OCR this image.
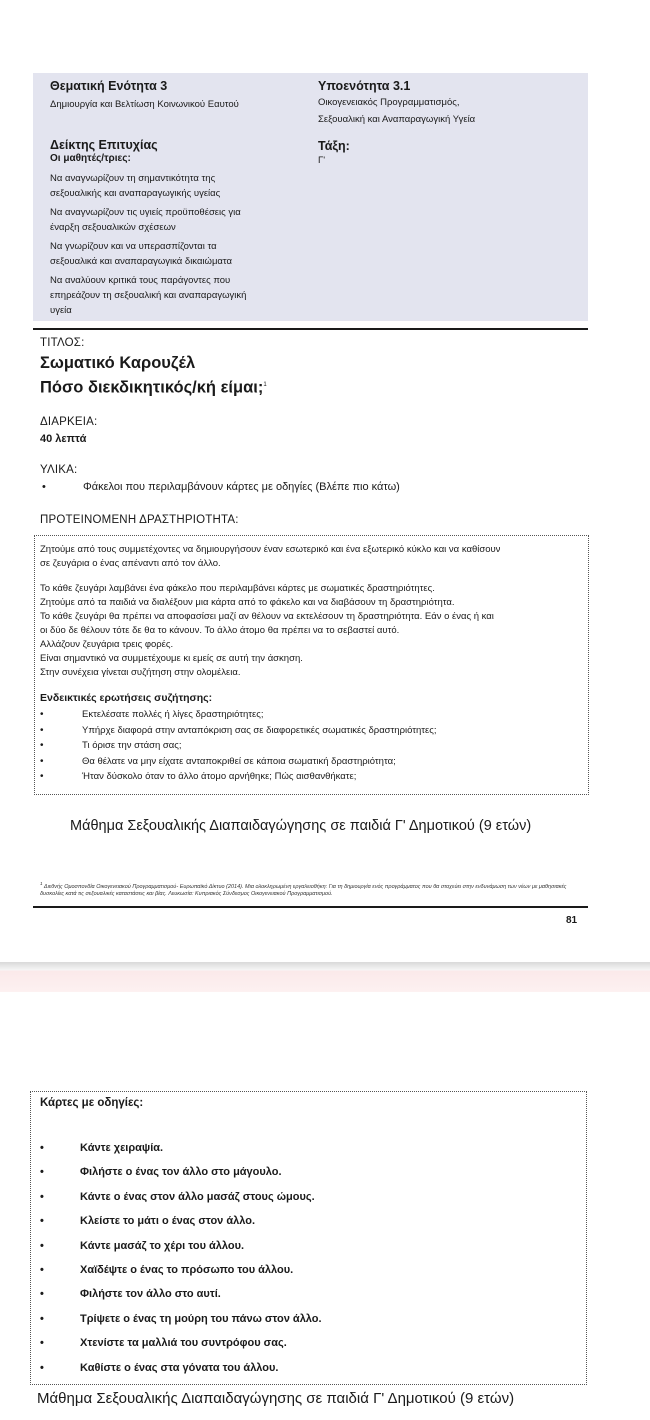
Θεματική Ενότητα 3
Δημιουργία και Βελτίωση Κοινωνικού Εαυτού
Υποενότητα 3.1
Οικογενειακός Προγραμματισμός,
Σεξουαλική και Αναπαραγωγική Υγεία
Δείκτης Επιτυχίας
Οι μαθητές/τριες:
Να αναγνωρίζουν τη σημαντικότητα της
σεξουαλικής και αναπαραγωγικής υγείας
Να αναγνωρίζουν τις υγιείς προϋποθέσεις για
έναρξη σεξουαλικών σχέσεων
Να γνωρίζουν και να υπερασπίζονται τα
σεξουαλικά και αναπαραγωγικά δικαιώματα
Να αναλύουν κριτικά τους παράγοντες που
επηρεάζουν τη σεξουαλική και αναπαραγωγική
υγεία
Τάξη:
Γ'
ΤΙΤΛΟΣ:
Σωματικό Καρουζέλ
Πόσο διεκδικητικός/κή είμαι;$^1$
ΔΙΑΡΚΕΙΑ:
40 λεπτά
ΥΛΙΚΑ:
•	Φάκελοι που περιλαμβάνουν κάρτες με οδηγίες (Βλέπε πιο κάτω)
ΠΡΟΤΕΙΝΟΜΕΝΗ ΔΡΑΣΤΗΡΙΟΤΗΤΑ:

Ζητούμε από τους συμμετέχοντες να δημιουργήσουν έναν εσωτερικό και ένα εξωτερικό κύκλο και να καθίσουν

σε ζευγάρια ο ένας απέναντι από τον άλλο.

Το κάθε ζευγάρι λαμβάνει ένα φάκελο που περιλαμβάνει κάρτες με σωματικές δραστηριότητες.

Ζητούμε από τα παιδιά να διαλέξουν μια κάρτα από το φάκελο και να διαβάσουν τη δραστηριότητα.

Το κάθε ζευγάρι θα πρέπει να αποφασίσει μαζί αν θέλουν να εκτελέσουν τη δραστηριότητα. Εάν ο ένας ή και

οι δύο δε θέλουν τότε δε θα το κάνουν. Το άλλο άτομο θα πρέπει να το σεβαστεί αυτό.

Αλλάζουν ζευγάρια τρεις φορές.

Είναι σημαντικό να συμμετέχουμε κι εμείς σε αυτή την άσκηση.

Στην συνέχεια γίνεται συζήτηση στην ολομέλεια.

Ενδεικτικές ερωτήσεις συζήτησης:
•	Εκτελέσατε πολλές ή λίγες δραστηριότητες;
•	Υπήρχε διαφορά στην ανταπόκριση σας σε διαφορετικές σωματικές δραστηριότητες;
•	Τι όρισε την στάση σας;
•	Θα θέλατε να μην είχατε ανταποκριθεί σε κάποια σωματική δραστηριότητα;
•	Ήταν δύσκολο όταν το άλλο άτομο αρνήθηκε; Πώς αισθανθήκατε;
Μάθημα Σεξουαλικής Διαπαιδαγώγησης σε παιδιά Γ' Δημοτικού (9 ετών)
$^1$ Διεθνής Ομοσπονδία Οικογενειακού Προγραμματισμού- Ευρωπαϊκό Δίκτυο (2014). Μια ολοκληρωμένη εργαλειοθήκη: Για τη δημιουργία ενός προγράμματος που θα στοχεύει στην ενδυνάμωση των νέων με μαθησιακές δυσκολίες κατά τις σεξουαλικές καταστάσεις και βίας. Λευκωσία: Κυπριακός Σύνδεσμος Οικογενειακού Προγραμματισμού.
81
Κάρτες με οδηγίες:
•	Κάντε χειραψία.
•	Φιλήστε ο ένας τον άλλο στο μάγουλο.
•	Κάντε ο ένας στον άλλο μασάζ στους ώμους.
•	Κλείστε το μάτι ο ένας στον άλλο.
•	Κάντε μασάζ το χέρι του άλλου.
•	Χαϊδέψτε ο ένας το πρόσωπο του άλλου.
•	Φιλήστε τον άλλο στο αυτί.
•	Τρίψετε ο ένας τη μούρη του πάνω στον άλλο.
•	Χτενίστε τα μαλλιά του συντρόφου σας.
•	Καθίστε ο ένας στα γόνατα του άλλου.
Μάθημα Σεξουαλικής Διαπαιδαγώγησης σε παιδιά Γ' Δημοτικού (9 ετών)
